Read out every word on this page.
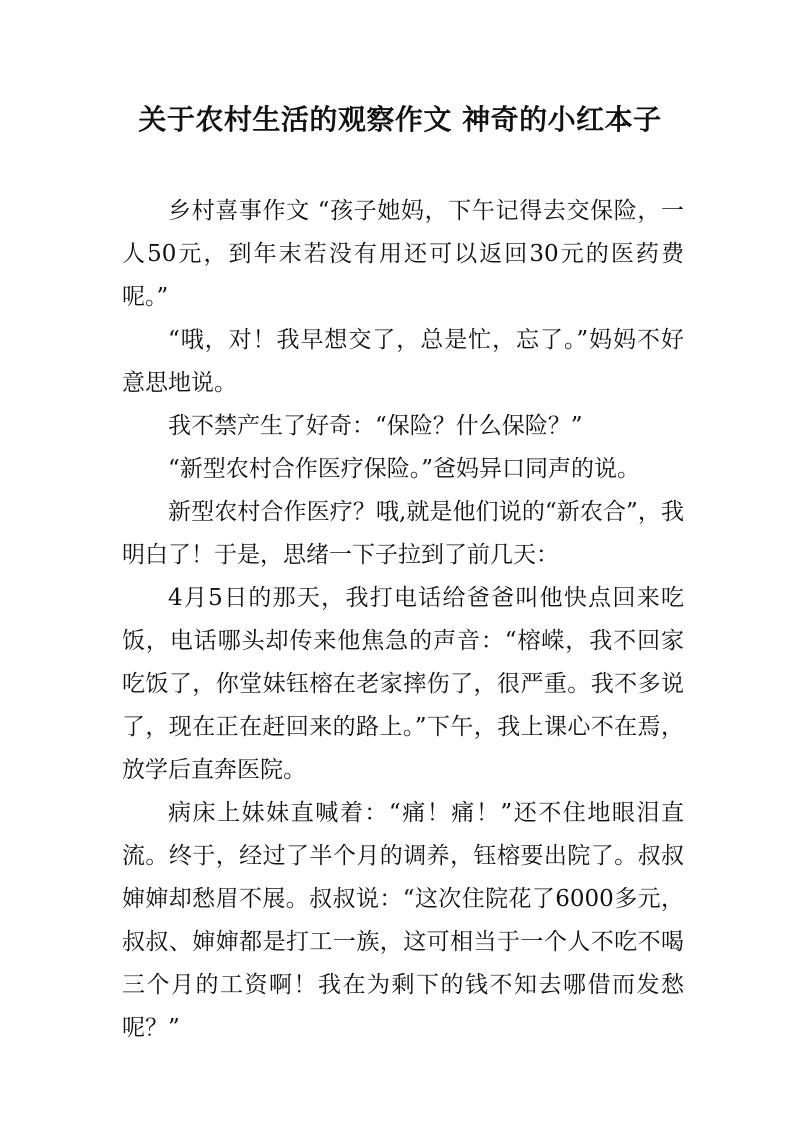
关于农村生活的观察作文 神奇的小红本子

乡村喜事作文 “孩子她妈，下午记得去交保险，一人50元，到年末若没有用还可以返回30元的医药费呢。”

“哦，对！我早想交了，总是忙，忘了。”妈妈不好意思地说。

我不禁产生了好奇：“保险？什么保险？”

“新型农村合作医疗保险。”爸妈异口同声的说。

新型农村合作医疗？哦,就是他们说的“新农合”，我明白了！于是，思绪一下子拉到了前几天：

4月5日的那天，我打电话给爸爸叫他快点回来吃饭，电话哪头却传来他焦急的声音：“榕嵘，我不回家吃饭了，你堂妹钰榕在老家摔伤了，很严重。我不多说了，现在正在赶回来的路上。”下午，我上课心不在焉，放学后直奔医院。

病床上妹妹直喊着：“痛！痛！”还不住地眼泪直流。终于，经过了半个月的调养，钰榕要出院了。叔叔婶婶却愁眉不展。叔叔说：“这次住院花了6000多元，叔叔、婶婶都是打工一族，这可相当于一个人不吃不喝三个月的工资啊！我在为剩下的钱不知去哪借而发愁呢？”
